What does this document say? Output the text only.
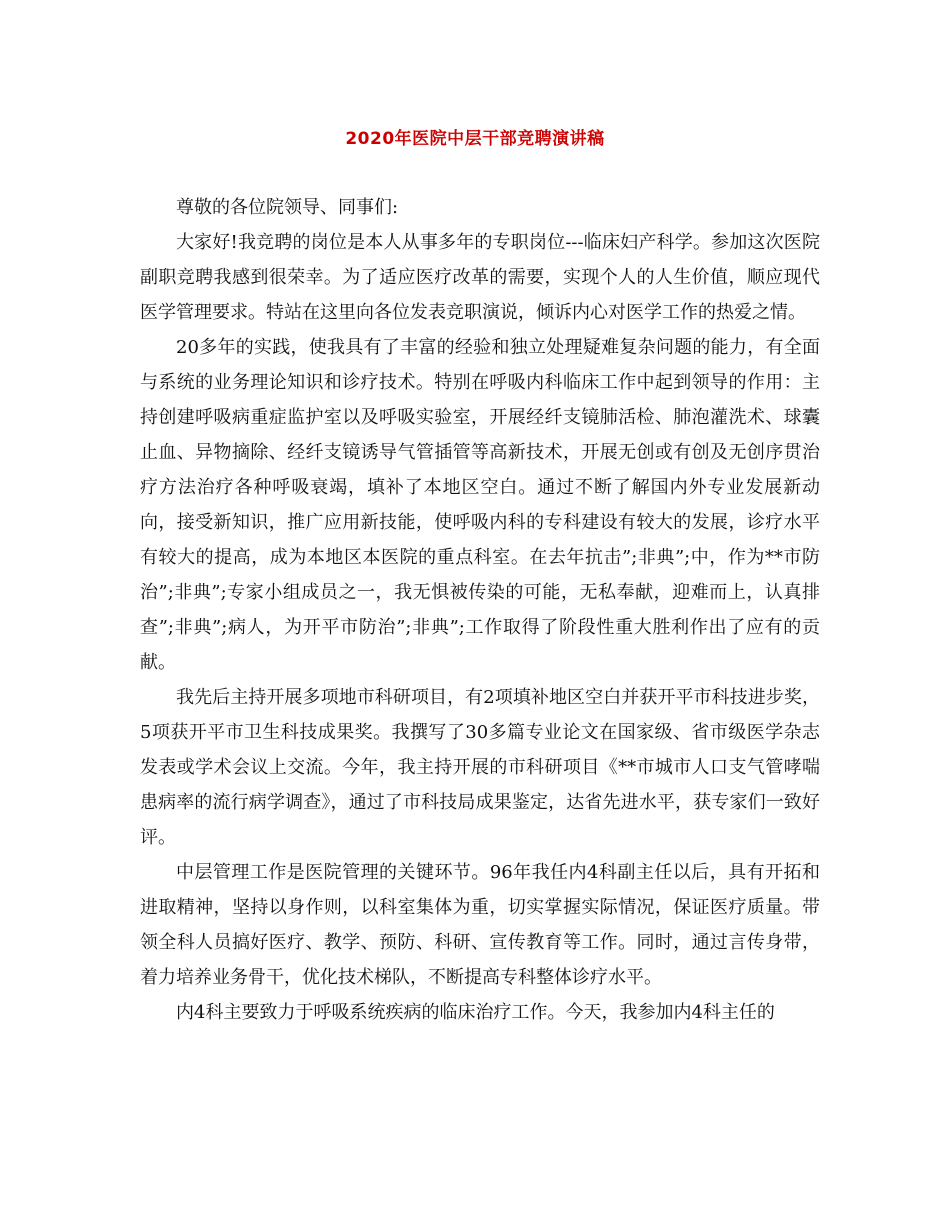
2020年医院中层干部竞聘演讲稿

尊敬的各位院领导、同事们:

大家好!我竞聘的岗位是本人从事多年的专职岗位---临床妇产科学。参加这次医院副职竞聘我感到很荣幸。为了适应医疗改革的需要，实现个人的人生价值，顺应现代医学管理要求。特站在这里向各位发表竞职演说，倾诉内心对医学工作的热爱之情。

20多年的实践，使我具有了丰富的经验和独立处理疑难复杂问题的能力，有全面与系统的业务理论知识和诊疗技术。特别在呼吸内科临床工作中起到领导的作用：主持创建呼吸病重症监护室以及呼吸实验室，开展经纤支镜肺活检、肺泡灌洗术、球囊止血、异物摘除、经纤支镜诱导气管插管等高新技术，开展无创或有创及无创序贯治疗方法治疗各种呼吸衰竭，填补了本地区空白。通过不断了解国内外专业发展新动向，接受新知识，推广应用新技能，使呼吸内科的专科建设有较大的发展，诊疗水平有较大的提高，成为本地区本医院的重点科室。在去年抗击”;非典”;中，作为**市防治”;非典”;专家小组成员之一，我无惧被传染的可能，无私奉献，迎难而上，认真排查”;非典”;病人，为开平市防治”;非典”;工作取得了阶段性重大胜利作出了应有的贡献。

我先后主持开展多项地市科研项目，有2项填补地区空白并获开平市科技进步奖，5项获开平市卫生科技成果奖。我撰写了30多篇专业论文在国家级、省市级医学杂志发表或学术会议上交流。今年，我主持开展的市科研项目《**市城市人口支气管哮喘患病率的流行病学调查》，通过了市科技局成果鉴定，达省先进水平，获专家们一致好评。

中层管理工作是医院管理的关键环节。96年我任内4科副主任以后，具有开拓和进取精神，坚持以身作则，以科室集体为重，切实掌握实际情况，保证医疗质量。带领全科人员搞好医疗、教学、预防、科研、宣传教育等工作。同时，通过言传身带，着力培养业务骨干，优化技术梯队，不断提高专科整体诊疗水平。

内4科主要致力于呼吸系统疾病的临床治疗工作。今天，我参加内4科主任的
